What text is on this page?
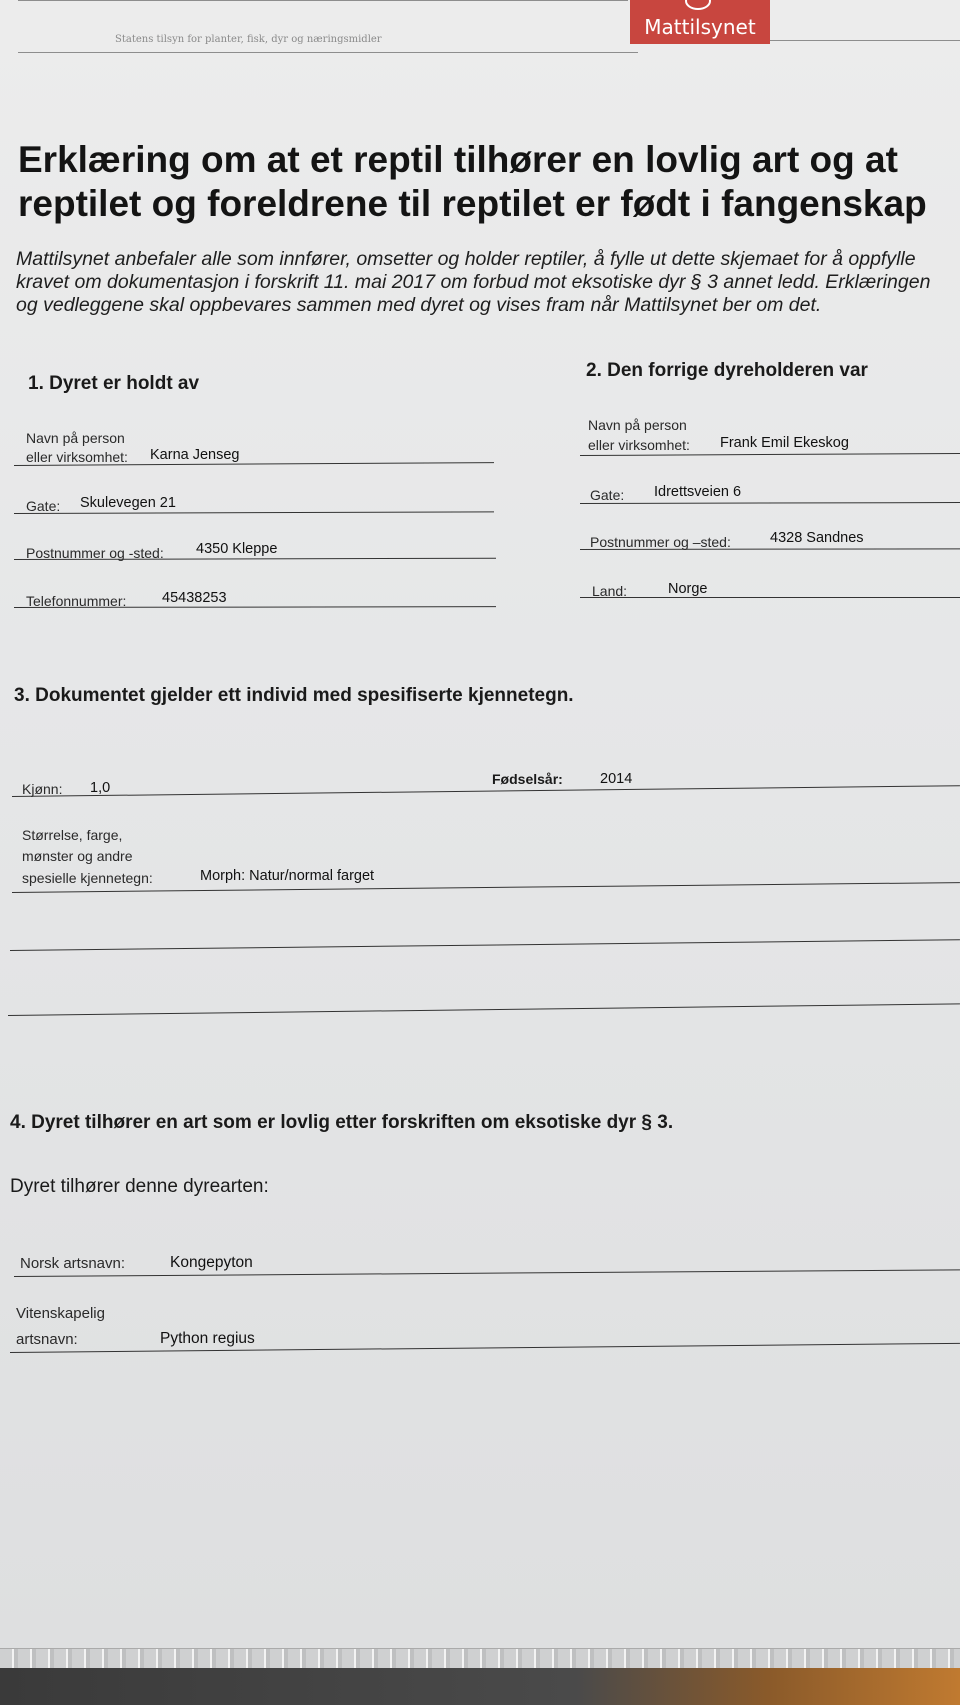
Statens tilsyn for planter, fisk, dyr og næringsmidler
Mattilsynet
Erklæring om at et reptil tilhører en lovlig art og at
reptilet og foreldrene til reptilet er født i fangenskap

Mattilsynet anbefaler alle som innfører, omsetter og holder reptiler, å fylle ut dette skjemaet for å oppfylle
kravet om dokumentasjon i forskrift 11. mai 2017 om forbud mot eksotiske dyr § 3 annet ledd. Erklæringen
og vedleggene skal oppbevares sammen med dyret og vises fram når Mattilsynet ber om det.

1. Dyret er holdt av
Navn på person
eller virksomhet: Karna Jenseg
Gate: Skulevegen 21
Postnummer og -sted: 4350 Kleppe
Telefonnummer: 45438253
2. Den forrige dyreholderen var
Navn på person
eller virksomhet: Frank Emil Ekeskog
Gate: Idrettsveien 6
Postnummer og –sted:	4328 Sandnes
Land:	Norge
3. Dokumentet gjelder ett individ med spesifiserte kjennetegn.
Kjønn: 1,0
Fødselsår:	2014
Størrelse, farge,
mønster og andre
spesielle kjennetegn:	Morph: Natur/normal farget
4. Dyret tilhører en art som er lovlig etter forskriften om eksotiske dyr § 3.
Dyret tilhører denne dyrearten:
Norsk artsnavn:	Kongepyton
Vitenskapelig
artsnavn:	Python regius
